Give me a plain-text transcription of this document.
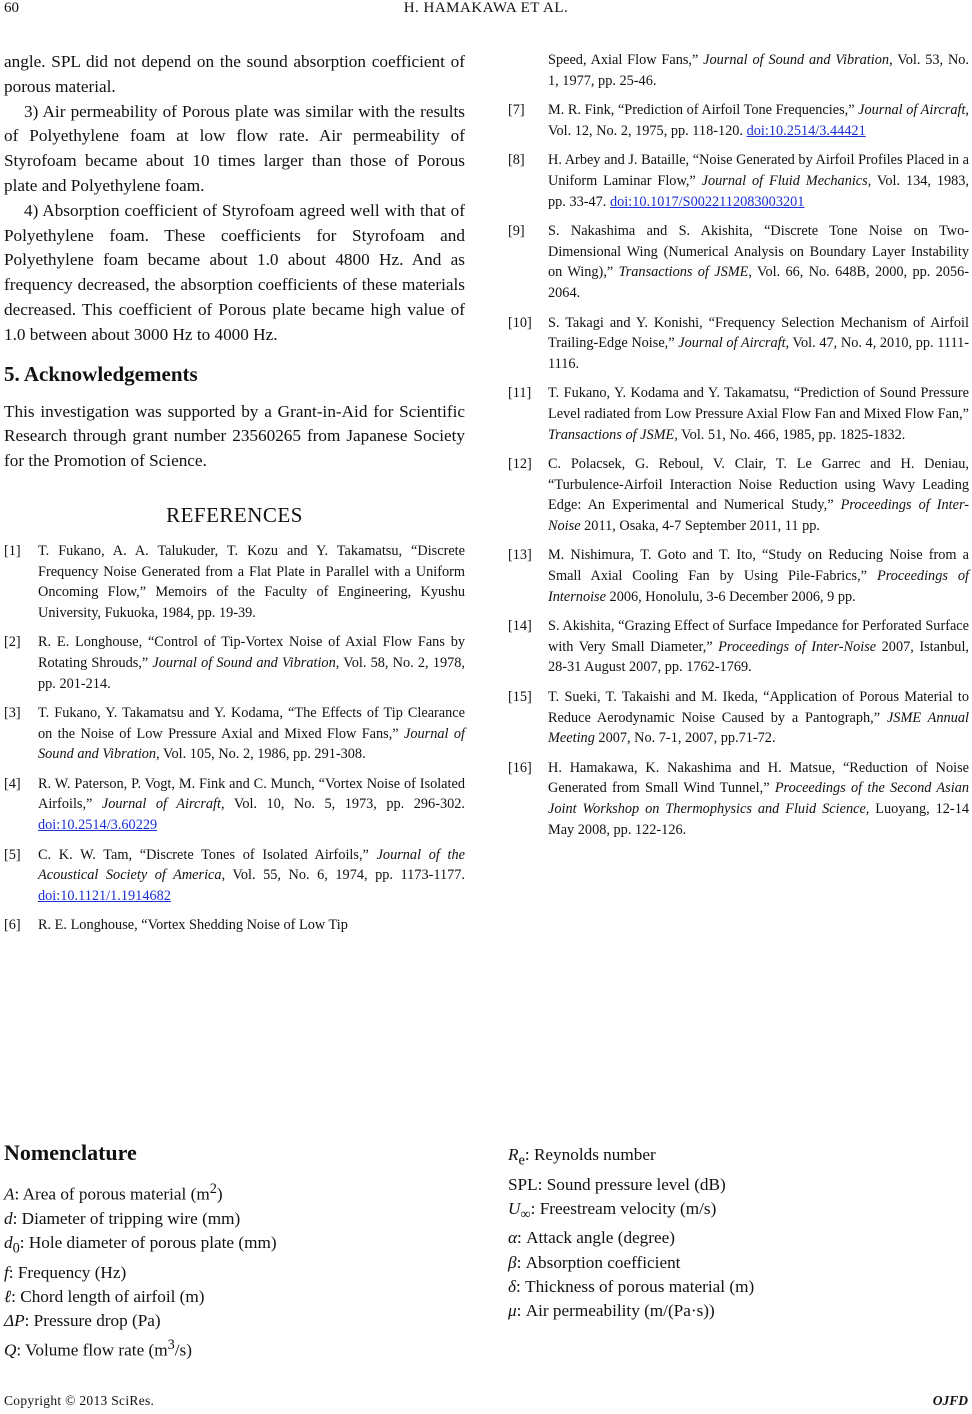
60	H. HAMAKAWA ET AL.

angle. SPL did not depend on the sound absorption coefficient of porous material.

3) Air permeability of Porous plate was similar with the results of Polyethylene foam at low flow rate. Air permeability of Styrofoam became about 10 times larger than those of Porous plate and Polyethylene foam.

4) Absorption coefficient of Styrofoam agreed well with that of Polyethylene foam. These coefficients for Styrofoam and Polyethylene foam became about 1.0 about 4800 Hz. And as frequency decreased, the absorption coefficients of these materials decreased. This coefficient of Porous plate became high value of 1.0 between about 3000 Hz to 4000 Hz.

5. Acknowledgements

This investigation was supported by a Grant-in-Aid for Scientific Research through grant number 23560265 from Japanese Society for the Promotion of Science.

REFERENCES
[1]	T. Fukano, A. A. Talukuder, T. Kozu and Y. Takamatsu, “Discrete Frequency Noise Generated from a Flat Plate in Parallel with a Uniform Oncoming Flow,” Memoirs of the Faculty of Engineering, Kyushu University, Fukuoka, 1984, pp. 19-39.
[2]	R. E. Longhouse, “Control of Tip-Vortex Noise of Axial Flow Fans by Rotating Shrouds,” Journal of Sound and Vibration, Vol. 58, No. 2, 1978, pp. 201-214.
[3]	T. Fukano, Y. Takamatsu and Y. Kodama, “The Effects of Tip Clearance on the Noise of Low Pressure Axial and Mixed Flow Fans,” Journal of Sound and Vibration, Vol. 105, No. 2, 1986, pp. 291-308.
[4]	R. W. Paterson, P. Vogt, M. Fink and C. Munch, “Vortex Noise of Isolated Airfoils,” Journal of Aircraft, Vol. 10, No. 5, 1973, pp. 296-302. doi:10.2514/3.60229
[5]	C. K. W. Tam, “Discrete Tones of Isolated Airfoils,” Journal of the Acoustical Society of America, Vol. 55, No. 6, 1974, pp. 1173-1177. doi:10.1121/1.1914682
[6]	R. E. Longhouse, “Vortex Shedding Noise of Low Tip
Speed, Axial Flow Fans,” Journal of Sound and Vibration, Vol. 53, No. 1, 1977, pp. 25-46.
[7]	M. R. Fink, “Prediction of Airfoil Tone Frequencies,” Journal of Aircraft, Vol. 12, No. 2, 1975, pp. 118-120. doi:10.2514/3.44421
[8]	H. Arbey and J. Bataille, “Noise Generated by Airfoil Profiles Placed in a Uniform Laminar Flow,” Journal of Fluid Mechanics, Vol. 134, 1983, pp. 33-47. doi:10.1017/S0022112083003201
[9]	S. Nakashima and S. Akishita, “Discrete Tone Noise on Two-Dimensional Wing (Numerical Analysis on Boundary Layer Instability on Wing),” Transactions of JSME, Vol. 66, No. 648B, 2000, pp. 2056-2064.
[10]	S. Takagi and Y. Konishi, “Frequency Selection Mechanism of Airfoil Trailing-Edge Noise,” Journal of Aircraft, Vol. 47, No. 4, 2010, pp. 1111-1116.
[11]	T. Fukano, Y. Kodama and Y. Takamatsu, “Prediction of Sound Pressure Level radiated from Low Pressure Axial Flow Fan and Mixed Flow Fan,” Transactions of JSME, Vol. 51, No. 466, 1985, pp. 1825-1832.
[12]	C. Polacsek, G. Reboul, V. Clair, T. Le Garrec and H. Deniau, “Turbulence-Airfoil Interaction Noise Reduction using Wavy Leading Edge: An Experimental and Numerical Study,” Proceedings of Inter-Noise 2011, Osaka, 4-7 September 2011, 11 pp.
[13]	M. Nishimura, T. Goto and T. Ito, “Study on Reducing Noise from a Small Axial Cooling Fan by Using Pile-Fabrics,” Proceedings of Internoise 2006, Honolulu, 3-6 December 2006, 9 pp.
[14]	S. Akishita, “Grazing Effect of Surface Impedance for Perforated Surface with Very Small Diameter,” Proceedings of Inter-Noise 2007, Istanbul, 28-31 August 2007, pp. 1762-1769.
[15]	T. Sueki, T. Takaishi and M. Ikeda, “Application of Porous Material to Reduce Aerodynamic Noise Caused by a Pantograph,” JSME Annual Meeting 2007, No. 7-1, 2007, pp.71-72.
[16]	H. Hamakawa, K. Nakashima and H. Matsue, “Reduction of Noise Generated from Small Wind Tunnel,” Proceedings of the Second Asian Joint Workshop on Thermophysics and Fluid Science, Luoyang, 12-14 May 2008, pp. 122-126.
Nomenclature
A: Area of porous material $(m^2)$
d: Diameter of tripping wire (mm)
$d_0$: Hole diameter of porous plate (mm)
f: Frequency (Hz)
ℓ: Chord length of airfoil (m)
ΔP: Pressure drop (Pa)
Q: Volume flow rate $(m^3/s)$
$R_e$: Reynolds number
SPL: Sound pressure level (dB)
$U_\infty$: Freestream velocity (m/s)
α: Attack angle (degree)
β: Absorption coefficient
δ: Thickness of porous material (m)
μ: Air permeability (m/(Pa·s))
Copyright © 2013 SciRes.	OJFD
